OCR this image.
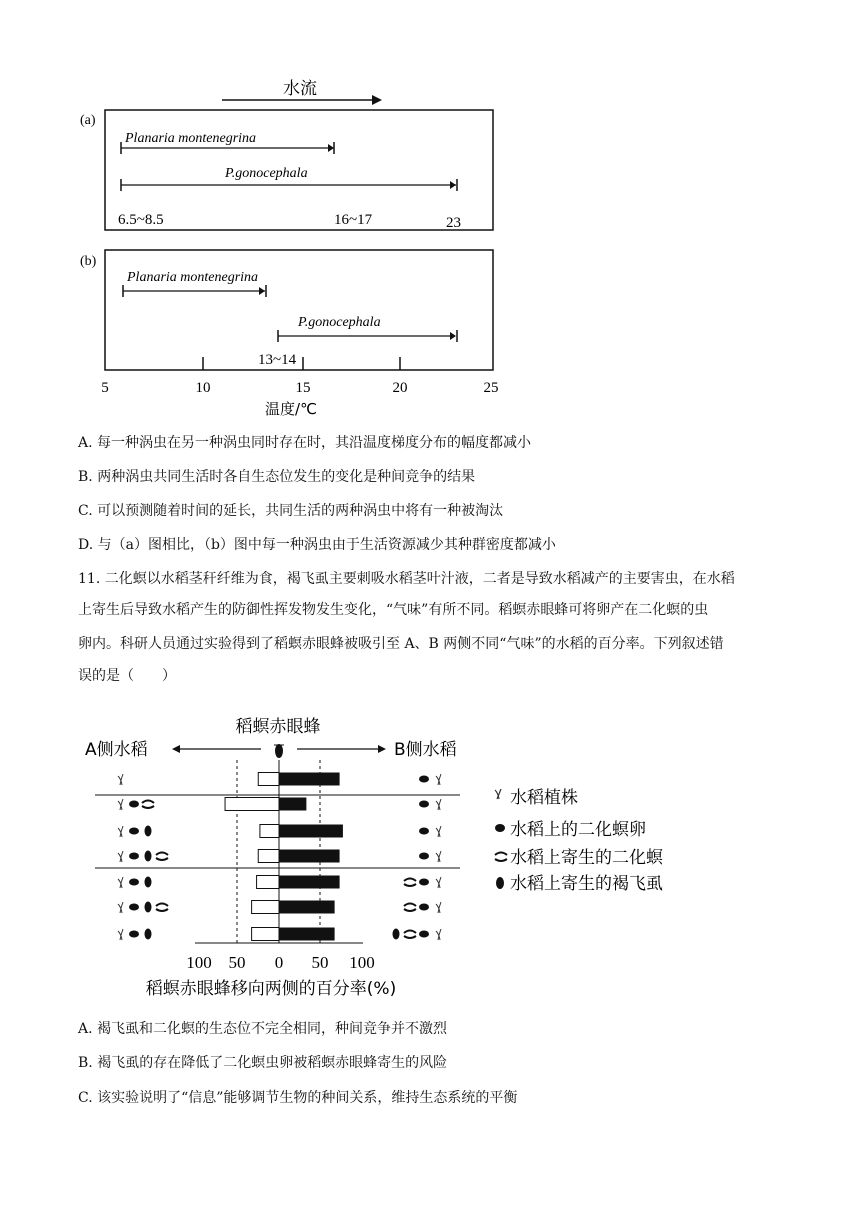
水流
(a)
Planaria montenegrina
P.gonocephala
6.5~8.5	16~17	23
(b)
Planaria montenegrina
P.gonocephala
13~14
5	10	15	20	25
温度/℃
A. 每一种涡虫在另一种涡虫同时存在时，其沿温度梯度分布的幅度都减小
B. 两种涡虫共同生活时各自生态位发生的变化是种间竞争的结果
C. 可以预测随着时间的延长，共同生活的两种涡虫中将有一种被淘汰
D. 与（a）图相比，（b）图中每一种涡虫由于生活资源减少其种群密度都减小
11. 二化螟以水稻茎秆纤维为食，褐飞虱主要刺吸水稻茎叶汁液，二者是导致水稻减产的主要害虫，在水稻
上寄生后导致水稻产生的防御性挥发物发生变化，“气味”有所不同。稻螟赤眼蜂可将卵产在二化螟的虫
卵内。科研人员通过实验得到了稻螟赤眼蜂被吸引至 A、B 两侧不同“气味”的水稻的百分率。下列叙述错
误的是（　　）
稻螟赤眼蜂
A侧水稻	B侧水稻
100 50 0 50 100
稻螟赤眼蜂移向两侧的百分率(%)
水稻植株
水稻上的二化螟卵
水稻上寄生的二化螟
水稻上寄生的褐飞虱
A. 褐飞虱和二化螟的生态位不完全相同，种间竞争并不激烈
B. 褐飞虱的存在降低了二化螟虫卵被稻螟赤眼蜂寄生的风险
C. 该实验说明了“信息”能够调节生物的种间关系，维持生态系统的平衡
